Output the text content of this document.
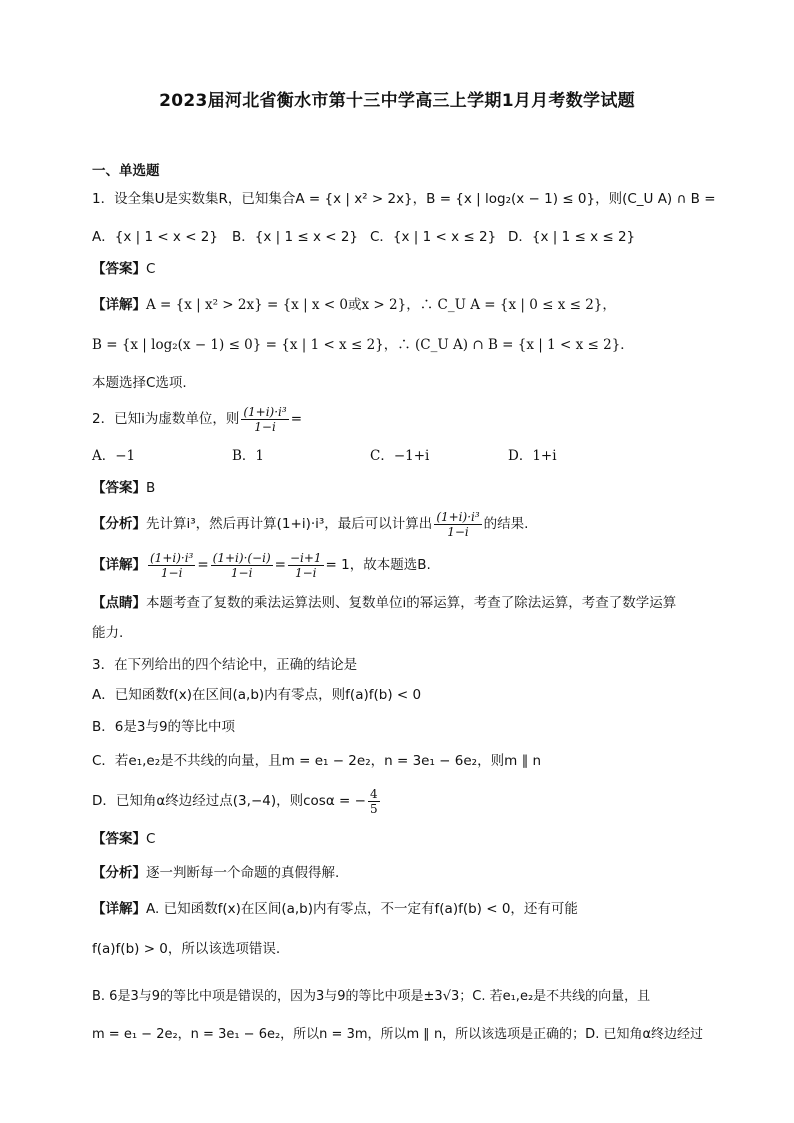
2023届河北省衡水市第十三中学高三上学期1月月考数学试题
一、单选题
1．设全集U是实数集R，已知集合A = {x | x² > 2x}，B = {x | log₂(x − 1) ≤ 0}，则(C_U A) ∩ B =
A．{x | 1 < x < 2} B．{x | 1 ≤ x < 2} C．{x | 1 < x ≤ 2} D．{x | 1 ≤ x ≤ 2}
【答案】C
【详解】A = {x | x² > 2x} = {x | x < 0或x > 2}，∴ C_U A = {x | 0 ≤ x ≤ 2}，
B = {x | log₂(x − 1) ≤ 0} = {x | 1 < x ≤ 2}，∴ (C_U A) ∩ B = {x | 1 < x ≤ 2}．
本题选择C选项.
2．已知i为虚数单位，则 $\frac{\text{(1+i)·i³}}{1-i}$ =
A．−1	B．1	C．−1+i	D．1+i
【答案】B
【分析】 先计算i³，然后再计算(1+i)·i³，最后可以计算出 $\frac{\text{(1+i)·i³}}{1-i}$ 的结果.
【详解】 $\frac{\text{(1+i)·i³}}{1-i} = \frac{(1+i)\cdot(-i)}{1-i} = \frac{-i+1}{1-i} = 1$，故本题选B.
【点睛】本题考查了复数的乘法运算法则、复数单位i的幂运算，考查了除法运算，考查了数学运算
能力.
3．在下列给出的四个结论中，正确的结论是
A．已知函数f(x)在区间(a,b)内有零点，则f(a)f(b) < 0
B．6是3与9的等比中项
C．若e₁,e₂是不共线的向量，且m = e₁ − 2e₂，n = 3e₁ − 6e₂，则m ∥ n
D．已知角α终边经过点(3,−4)，则cosα = − $\frac{4}{5}$
【答案】C
【分析】逐一判断每一个命题的真假得解.
【详解】A. 已知函数f(x)在区间(a,b)内有零点，不一定有f(a)f(b) < 0，还有可能
f(a)f(b) > 0，所以该选项错误.
B. 6是3与9的等比中项是错误的，因为3与9的等比中项是±3√3；C. 若e₁,e₂是不共线的向量，且
m = e₁ − 2e₂，n = 3e₁ − 6e₂，所以n = 3m，所以m ∥ n，所以该选项是正确的；D. 已知角α终边经过
